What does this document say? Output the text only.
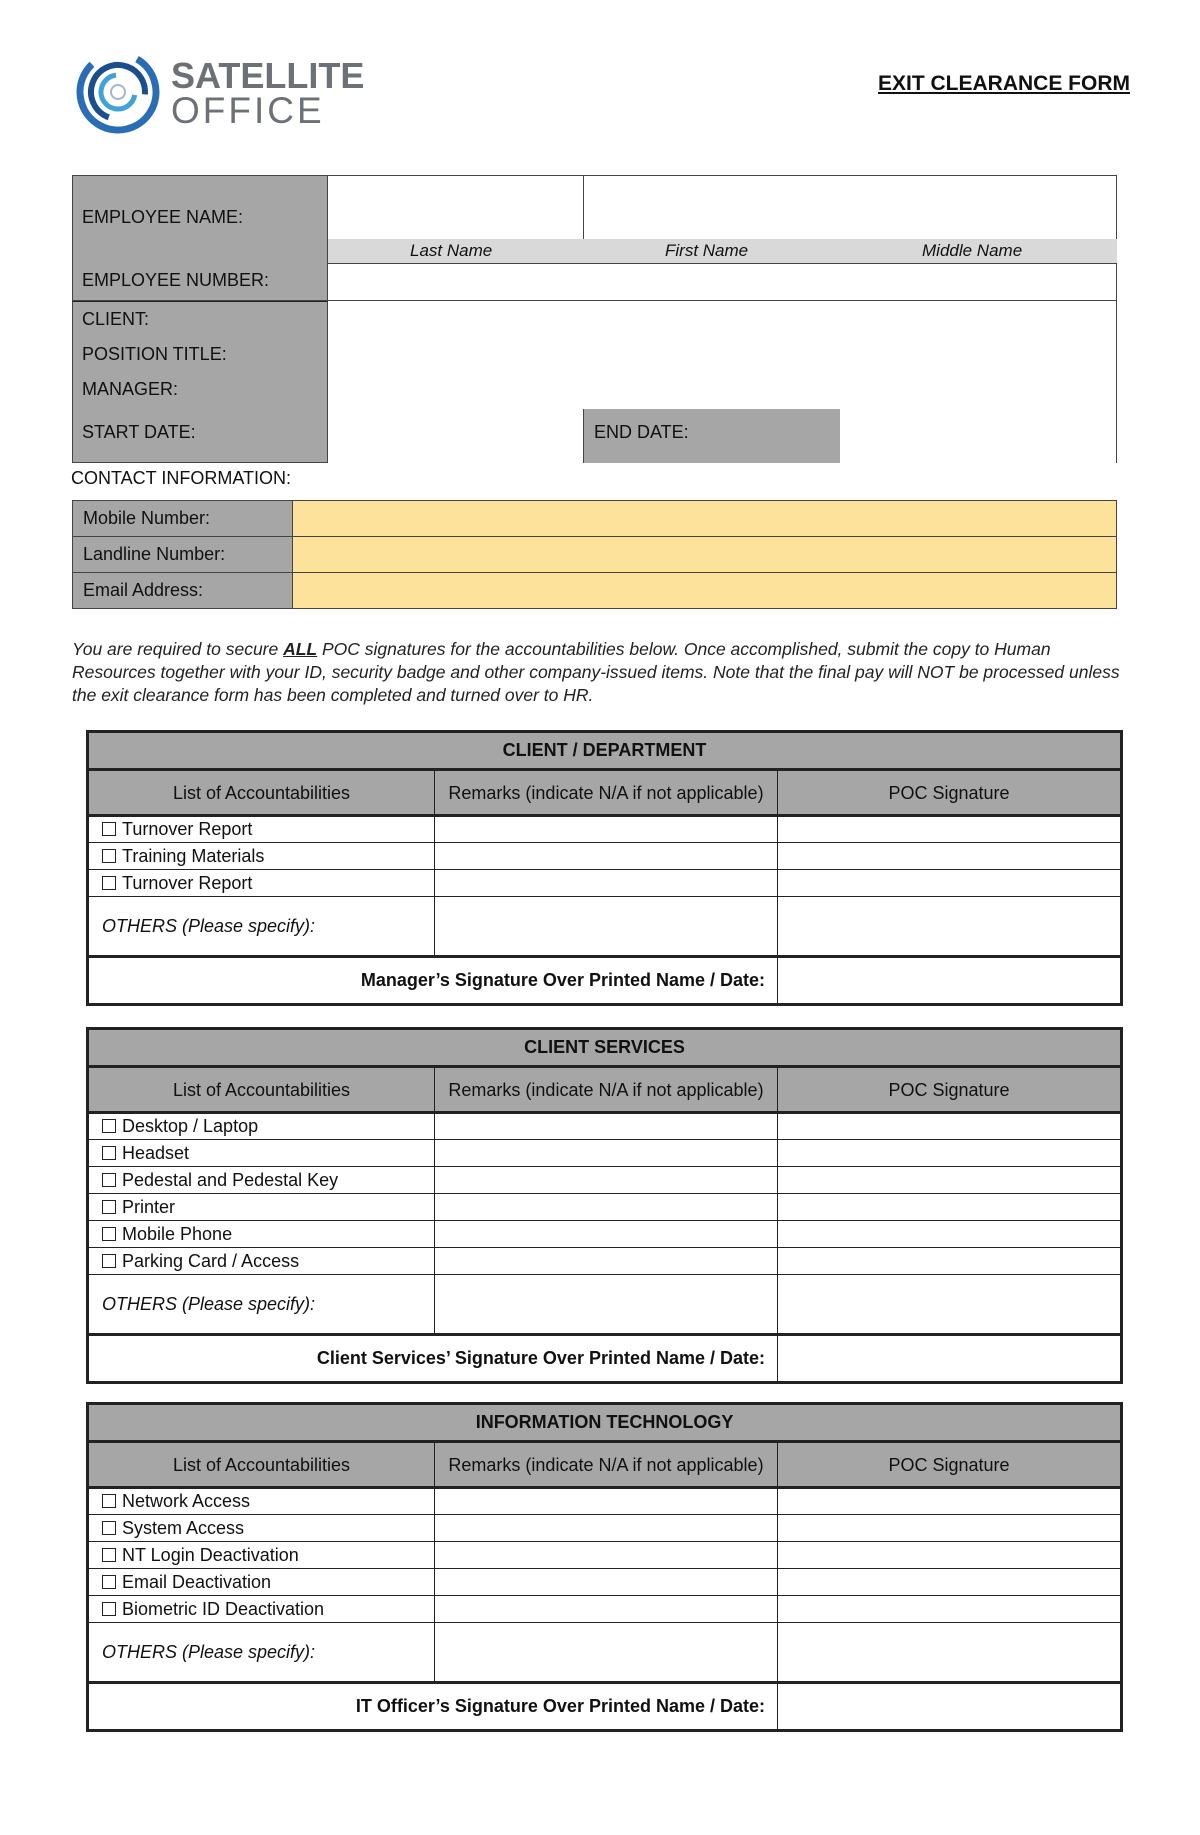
SATELLITE
OFFICE
EXIT CLEARANCE FORM
EMPLOYEE NAME:
EMPLOYEE NUMBER:
CLIENT:
POSITION TITLE:
MANAGER:
START DATE:
Last Name	First Name	Middle Name
END DATE:
CONTACT INFORMATION:
Mobile Number:	
Landline Number:	
Email Address:	
You are required to secure ALL POC signatures for the accountabilities below. Once accomplished, submit the copy to Human Resources together with your ID, security badge and other company-issued items. Note that the final pay will NOT be processed unless the exit clearance form has been completed and turned over to HR.
CLIENT / DEPARTMENT		
List of Accountabilities	Remarks (indicate N/A if not applicable)	POC Signature
Turnover Report		
Training Materials		
Turnover Report		
OTHERS (Please specify):		
Manager’s Signature Over Printed Name / Date:		
CLIENT SERVICES		
List of Accountabilities	Remarks (indicate N/A if not applicable)	POC Signature
Desktop / Laptop		
Headset		
Pedestal and Pedestal Key		
Printer		
Mobile Phone		
Parking Card / Access		
OTHERS (Please specify):		
Client Services’ Signature Over Printed Name / Date:		
INFORMATION TECHNOLOGY		
List of Accountabilities	Remarks (indicate N/A if not applicable)	POC Signature
Network Access		
System Access		
NT Login Deactivation		
Email Deactivation		
Biometric ID Deactivation		
OTHERS (Please specify):		
IT Officer’s Signature Over Printed Name / Date:		
